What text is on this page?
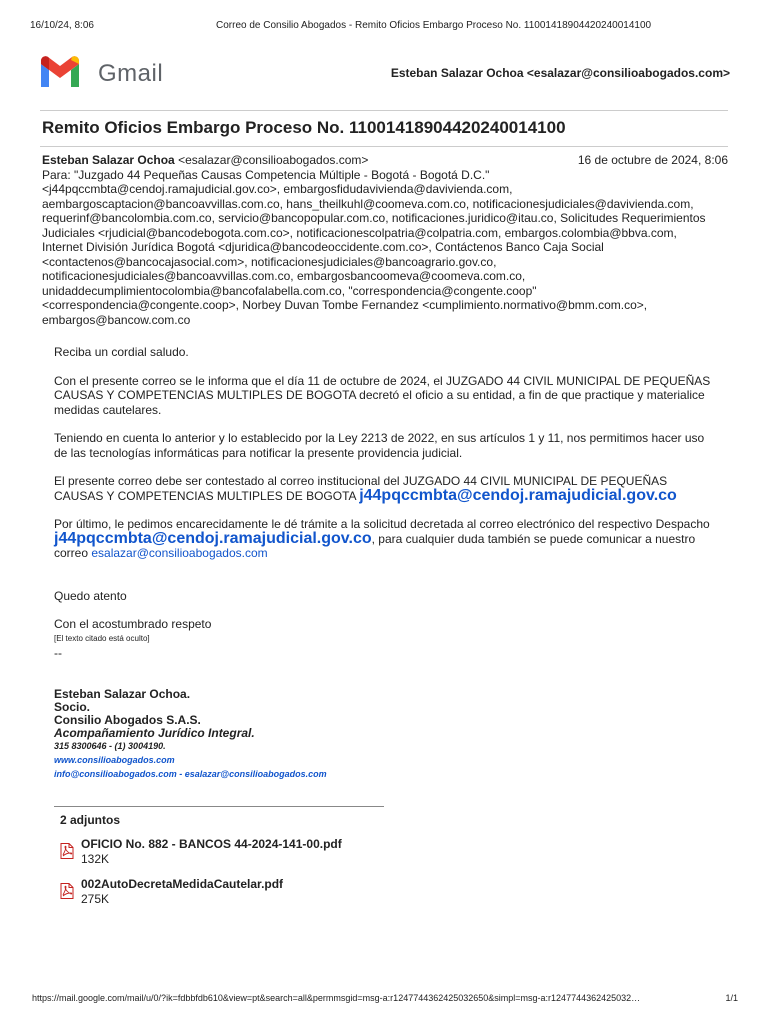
16/10/24, 8:06	Correo de Consilio Abogados - Remito Oficios Embargo Proceso No. 11001418904420240014100
Gmail	Esteban Salazar Ochoa <esalazar@consilioabogados.com>
Remito Oficios Embargo Proceso No. 11001418904420240014100
Esteban Salazar Ochoa <esalazar@consilioabogados.com>	16 de octubre de 2024, 8:06
Para: "Juzgado 44 Pequeñas Causas Competencia Múltiple - Bogotá - Bogotá D.C."
<j44pqccmbta@cendoj.ramajudicial.gov.co>, embargosfidudavivienda@davivienda.com,
aembargoscaptacion@bancoavvillas.com.co, hans_theilkuhl@coomeva.com.co, notificacionesjudiciales@davivienda.com,
requerinf@bancolombia.com.co, servicio@bancopopular.com.co, notificaciones.juridico@itau.co, Solicitudes Requerimientos
Judiciales <rjudicial@bancodebogota.com.co>, notificacionescolpatria@colpatria.com, embargos.colombia@bbva.com,
Internet División Jurídica Bogotá <djuridica@bancodeoccidente.com.co>, Contáctenos Banco Caja Social
<contactenos@bancocajasocial.com>, notificacionesjudiciales@bancoagrario.gov.co,
notificacionesjudiciales@bancoavvillas.com.co, embargosbancoomeva@coomeva.com.co,
unidaddecumplimientocolombia@bancofalabella.com.co, "correspondencia@congente.coop"
<correspondencia@congente.coop>, Norbey Duvan Tombe Fernandez <cumplimiento.normativo@bmm.com.co>,
embargos@bancow.com.co

Reciba un cordial saludo.

Con el presente correo se le informa que el día 11 de octubre de 2024, el JUZGADO 44 CIVIL MUNICIPAL DE PEQUEÑAS CAUSAS Y COMPETENCIAS MULTIPLES DE BOGOTA decretó el oficio a su entidad, a fin de que practique y materialice medidas cautelares.

Teniendo en cuenta lo anterior y lo establecido por la Ley 2213 de 2022, en sus artículos 1 y 11, nos permitimos hacer uso de las tecnologías informáticas para notificar la presente providencia judicial.

El presente correo debe ser contestado al correo institucional del JUZGADO 44 CIVIL MUNICIPAL DE PEQUEÑAS CAUSAS Y COMPETENCIAS MULTIPLES DE BOGOTA j44pqccmbta@cendoj.ramajudicial.gov.co

Por último, le pedimos encarecidamente le dé trámite a la solicitud decretada al correo electrónico del respectivo Despacho j44pqccmbta@cendoj.ramajudicial.gov.co, para cualquier duda también se puede comunicar a nuestro correo esalazar@consilioabogados.com

Quedo atento

Con el acostumbrado respeto
[El texto citado está oculto]
--
Esteban Salazar Ochoa.
Socio.
Consilio Abogados S.A.S.
Acompañamiento Jurídico Integral.
315 8300646 - (1) 3004190.
www.consilioabogados.com
info@consilioabogados.com - esalazar@consilioabogados.com
2 adjuntos
OFICIO No. 882 - BANCOS 44-2024-141-00.pdf
132K
002AutoDecretaMedidaCautelar.pdf
275K
https://mail.google.com/mail/u/0/?ik=fdbbfdb610&view=pt&search=all&permmsgid=msg-a:r1247744362425032650&simpl=msg-a:r1247744362425032…	1/1
